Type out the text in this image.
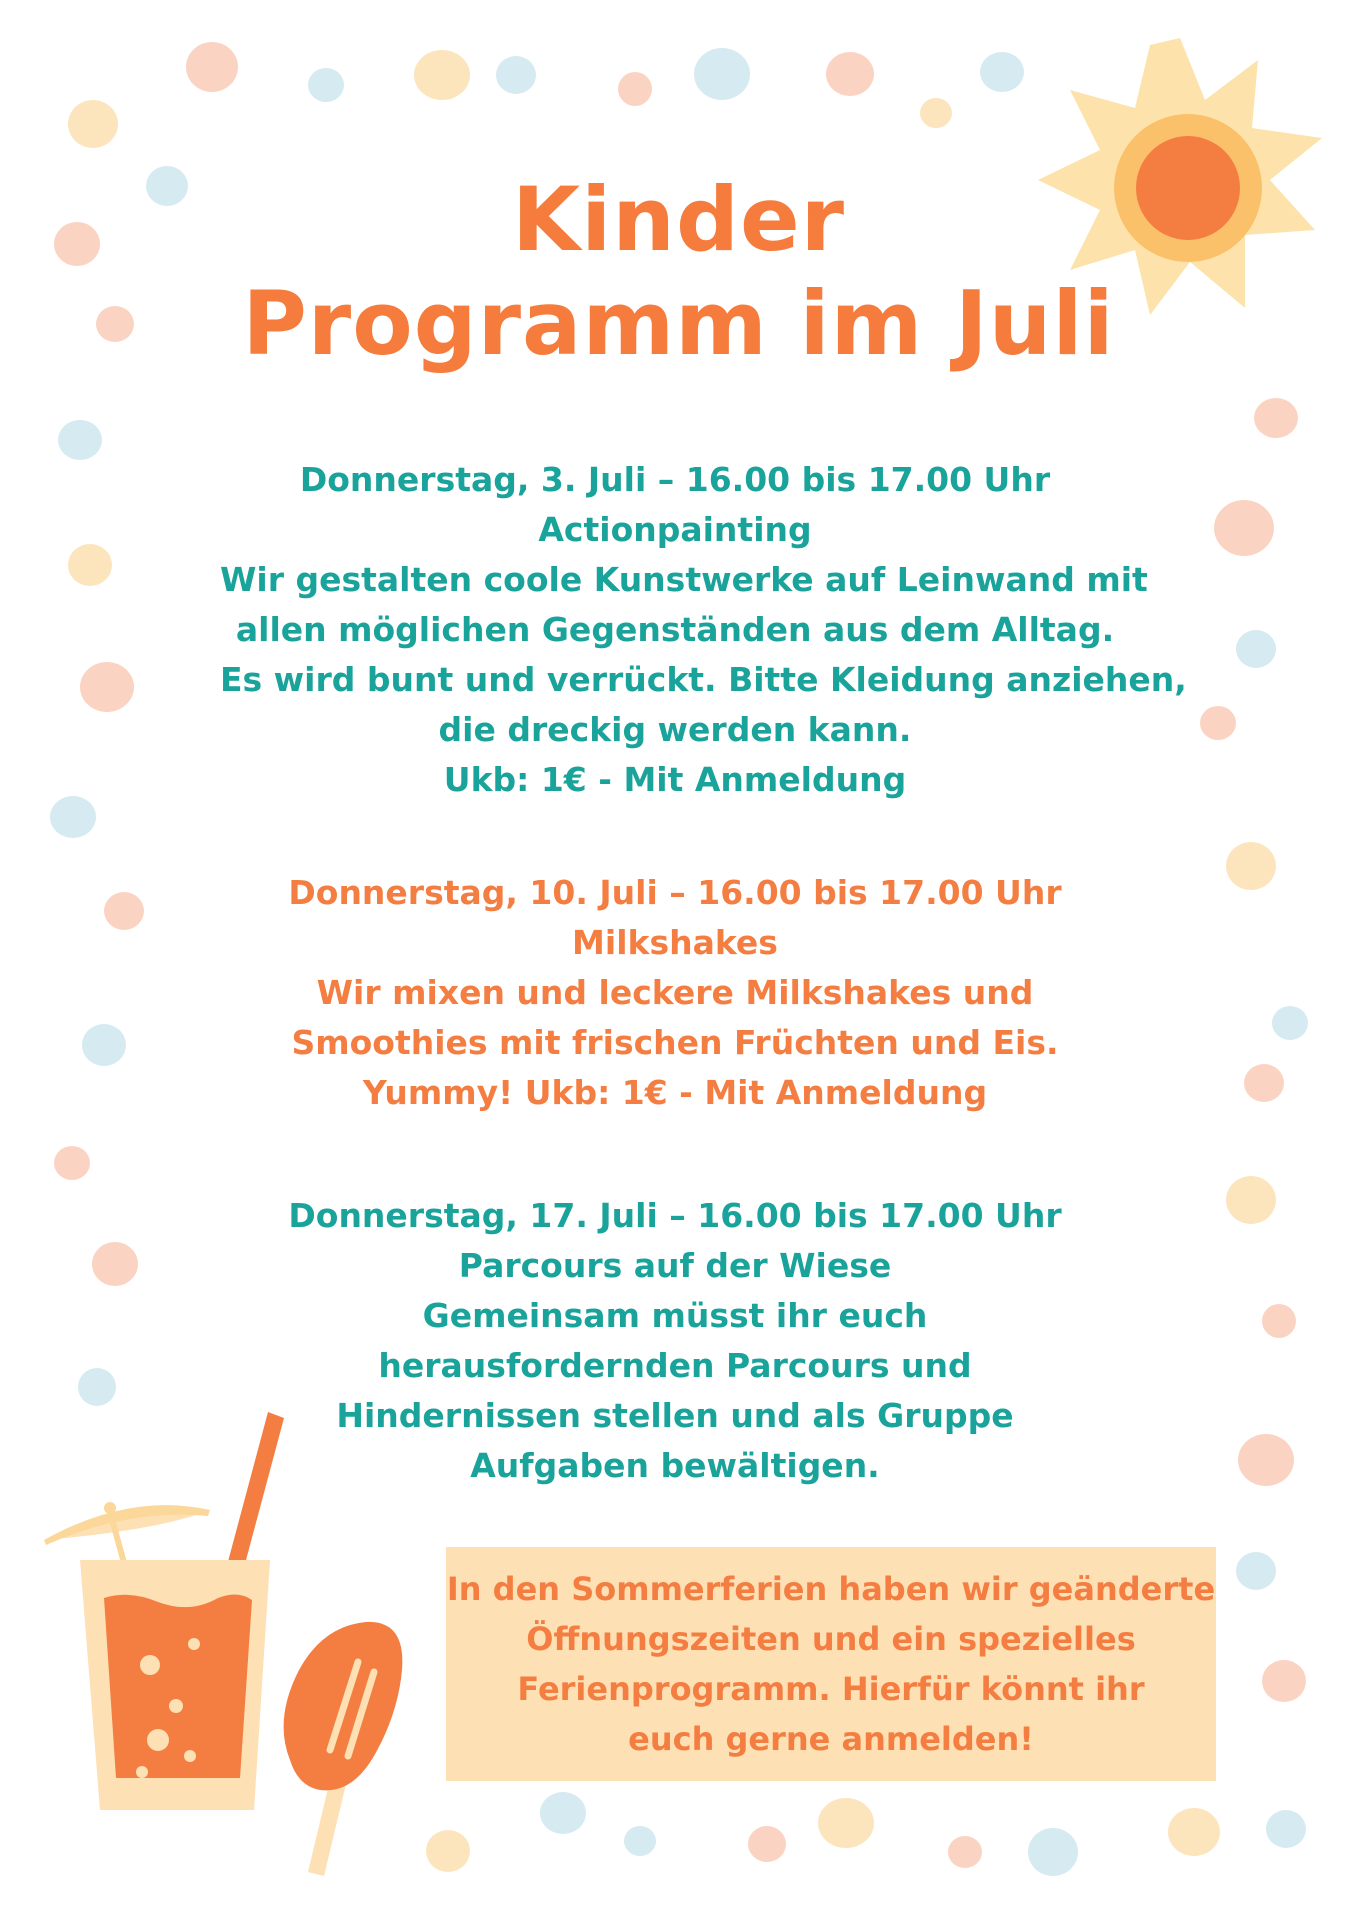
Kinder
Programm im Juli

Donnerstag, 3. Juli – 16.00 bis 17.00 Uhr

Actionpainting

Wir gestalten coole Kunstwerke auf Leinwand mit

allen möglichen Gegenständen aus dem Alltag.

Es wird bunt und verrückt. Bitte Kleidung anziehen,

die dreckig werden kann.

Ukb: 1€ - Mit Anmeldung

Donnerstag, 10. Juli – 16.00 bis 17.00 Uhr

Milkshakes

Wir mixen und leckere Milkshakes und

Smoothies mit frischen Früchten und Eis.

Yummy! Ukb: 1€ - Mit Anmeldung

Donnerstag, 17. Juli – 16.00 bis 17.00 Uhr

Parcours auf der Wiese

Gemeinsam müsst ihr euch

herausfordernden Parcours und

Hindernissen stellen und als Gruppe

Aufgaben bewältigen.

In den Sommerferien haben wir geänderte

Öffnungszeiten und ein spezielles

Ferienprogramm. Hierfür könnt ihr

euch gerne anmelden!
